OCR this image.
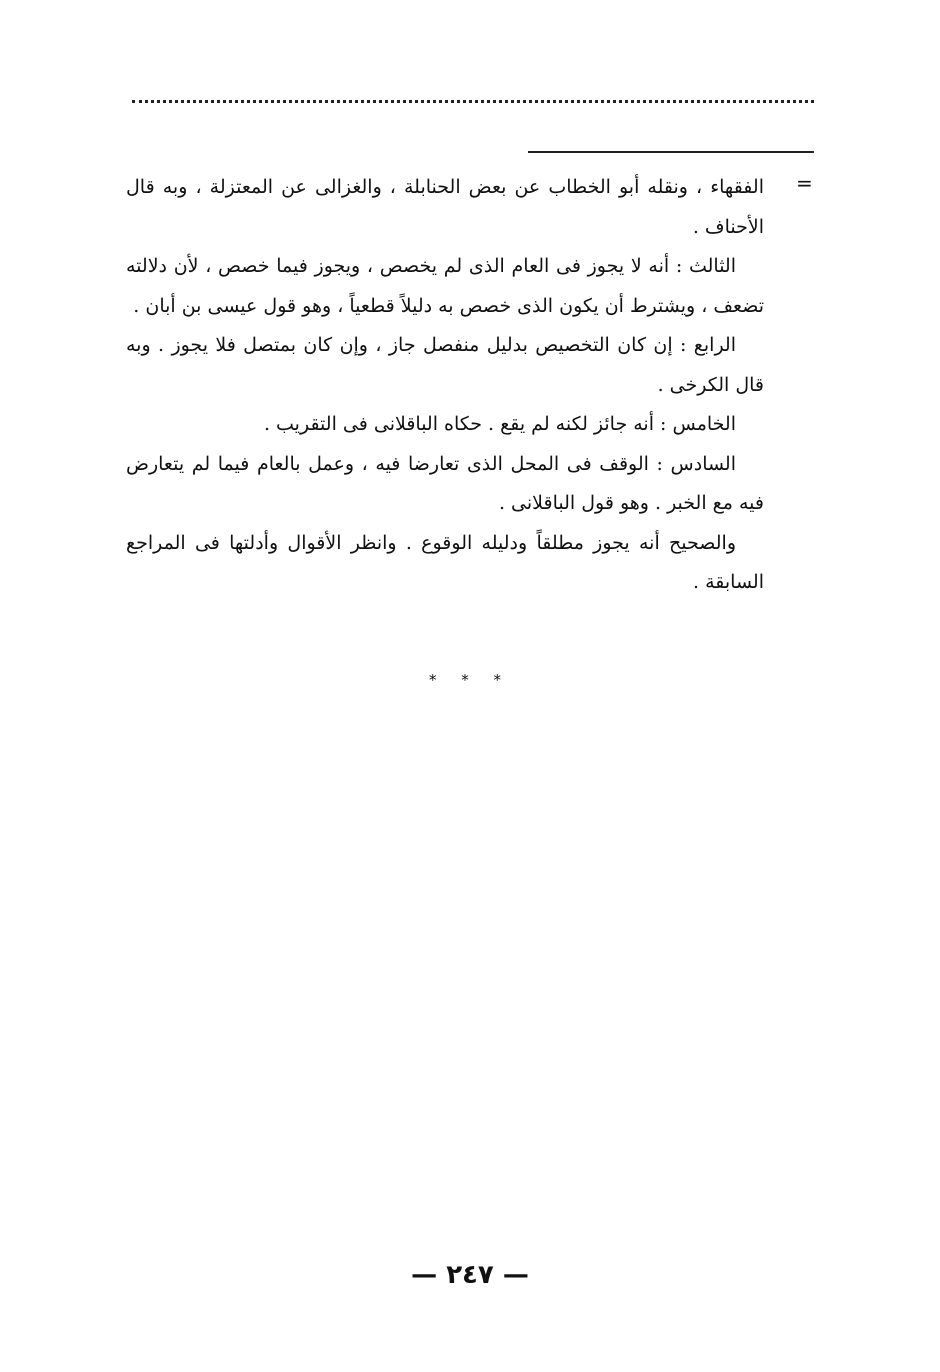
=

الفقهاء ، ونقله أبو الخطاب عن بعض الحنابلة ، والغزالى عن المعتزلة ، وبه قال الأحناف .

الثالث : أنه لا يجوز فى العام الذى لم يخصص ، ويجوز فيما خصص ، لأن دلالته تضعف ، ويشترط أن يكون الذى خصص به دليلاً قطعياً ، وهو قول عيسى بن أبان .

الرابع : إن كان التخصيص بدليل منفصل جاز ، وإن كان بمتصل فلا يجوز . وبه قال الكرخى .

الخامس : أنه جائز لكنه لم يقع . حكاه الباقلانى فى التقريب .

السادس : الوقف فى المحل الذى تعارضا فيه ، وعمل بالعام فيما لم يتعارض فيه مع الخبر . وهو قول الباقلانى .

والصحيح أنه يجوز مطلقاً ودليله الوقوع . وانظر الأقوال وأدلتها فى المراجع السابقة .

* * *
— ٢٤٧ —
